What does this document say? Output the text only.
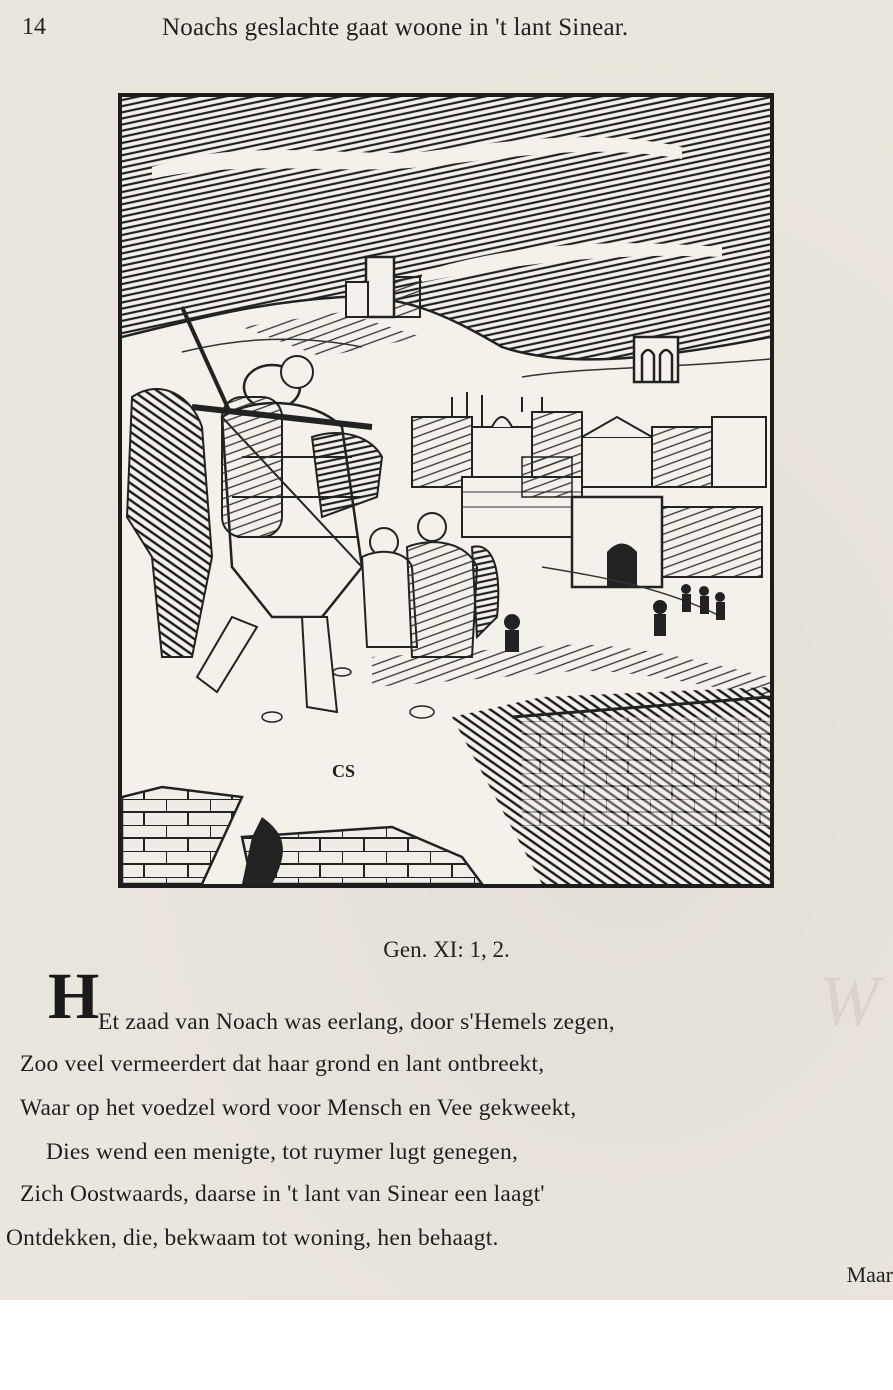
W
14	Noachs geslachte gaat woone in 't lant Sinear.
CS
Gen. XI: 1, 2.
H
Et zaad van Noach was eerlang, door s'Hemels zegen,
Zoo veel vermeerdert dat haar grond en lant ontbreekt,
Waar op het voedzel word voor Mensch en Vee gekweekt,
Dies wend een menigte, tot ruymer lugt genegen,
Zich Oostwaards, daarse in 't lant van Sinear een laagt'
Ontdekken, die, bekwaam tot woning, hen behaagt.
Maar
